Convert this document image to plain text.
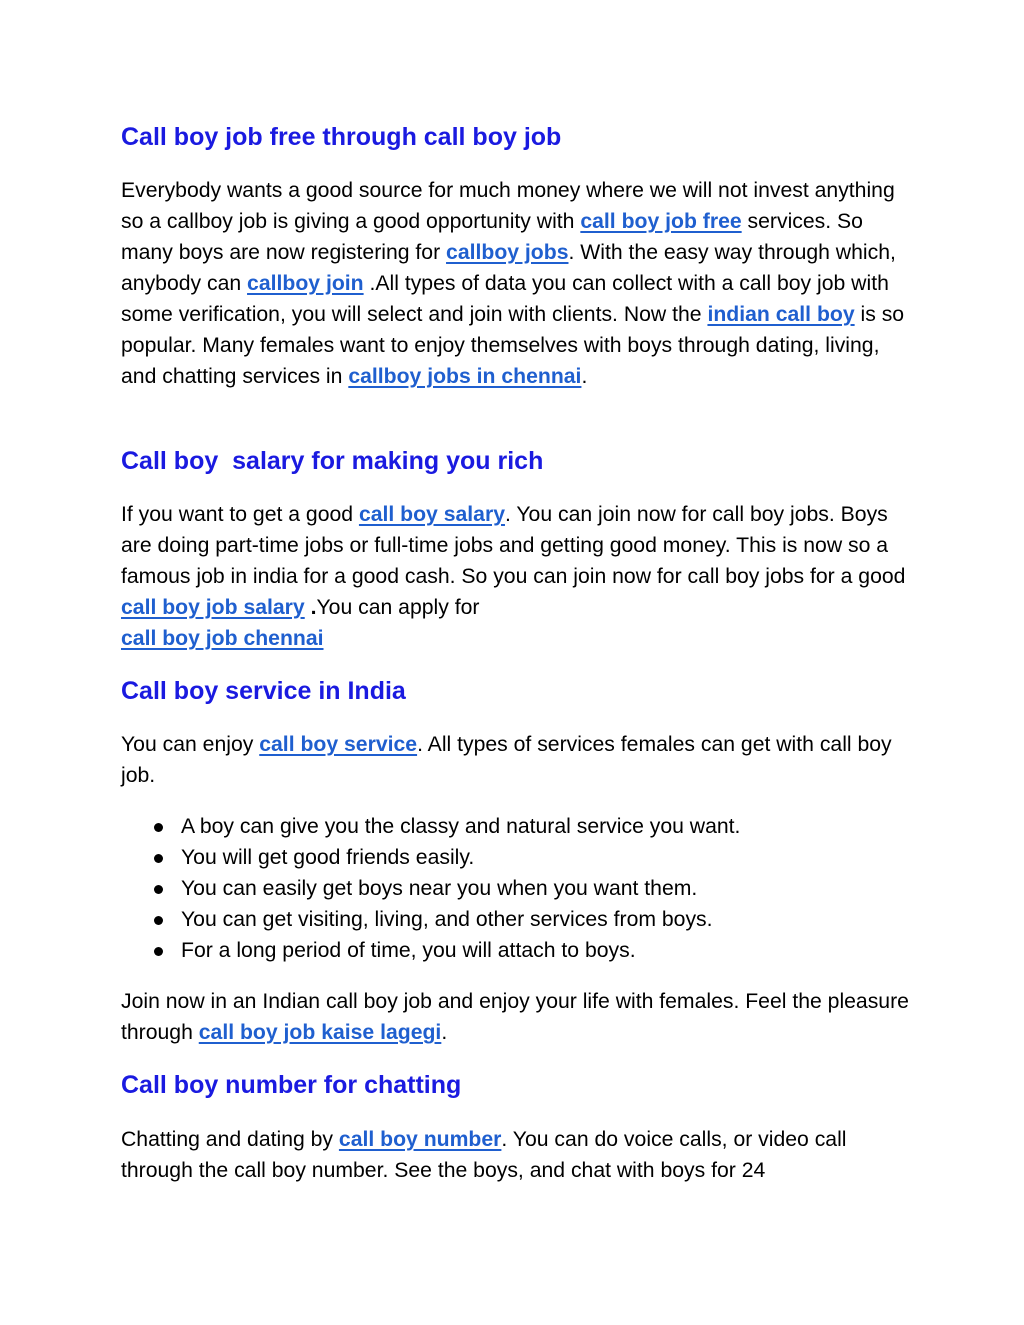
Call boy job free through call boy job

Everybody wants a good source for much money where we will not invest anything so a callboy job is giving a good opportunity with call boy job free services. So many boys are now registering for callboy jobs. With the easy way through which, anybody can callboy join .All types of data you can collect with a call boy job with some verification, you will select and join with clients. Now the indian call boy is so popular. Many females want to enjoy themselves with boys through dating, living, and chatting services in callboy jobs in chennai.

Call boy  salary for making you rich

If you want to get a good call boy salary. You can join now for call boy jobs. Boys are doing part-time jobs or full-time jobs and getting good money. This is now so a famous job in india for a good cash. So you can join now for call boy jobs for a good call boy job salary .You can apply for
call boy job chennai

Call boy service in India

You can enjoy call boy service. All types of services females can get with call boy job.

A boy can give you the classy and natural service you want.
You will get good friends easily.
You can easily get boys near you when you want them.
You can get visiting, living, and other services from boys.
For a long period of time, you will attach to boys.

Join now in an Indian call boy job and enjoy your life with females. Feel the pleasure through call boy job kaise lagegi.

Call boy number for chatting

Chatting and dating by call boy number. You can do voice calls, or video call through the call boy number. See the boys, and chat with boys for 24
